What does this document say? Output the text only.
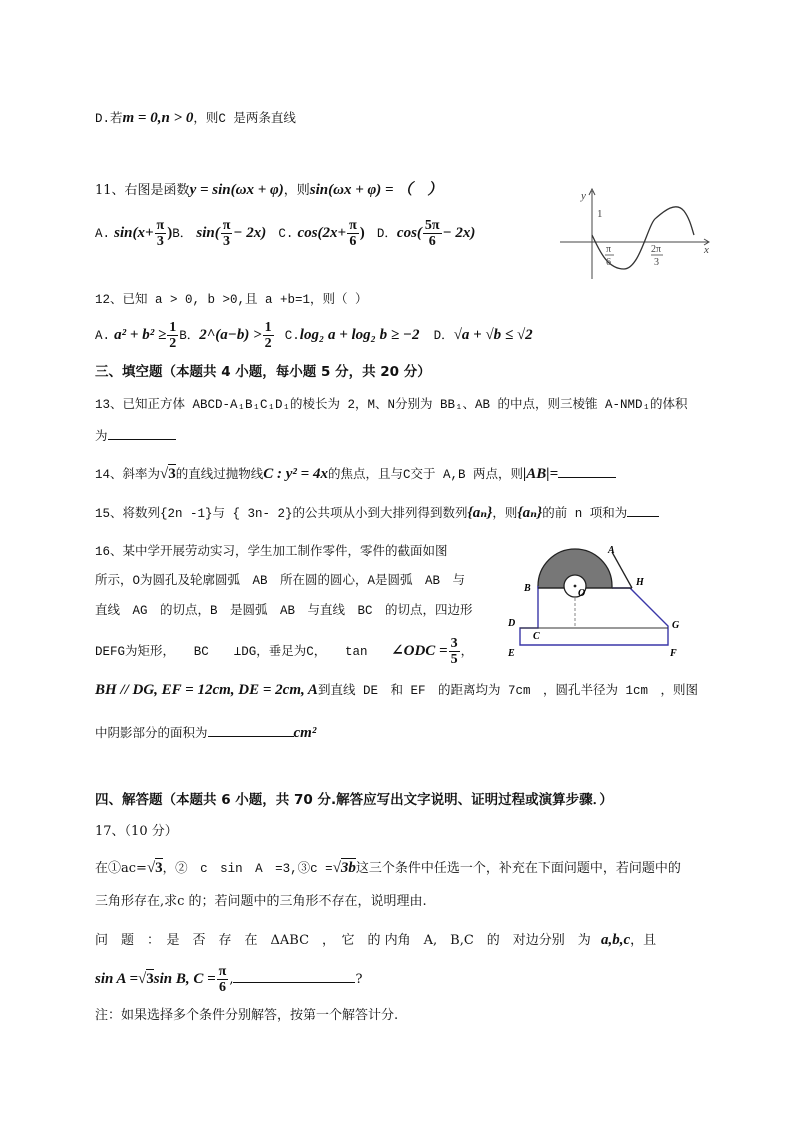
D.若m = 0,n > 0，则C 是两条直线
11、右图是函数y = sin(ωx + φ)，则sin(ωx + φ) = （　）
A. $\sin(x+ \frac{\pi}{3} )B$． $\sin( \frac{\pi}{3} - 2x)$ C. $\cos(2x+ \frac{\pi}{6}$ ) D．$\cos( \frac{5\pi}{6} - 2x)$
y
x
1
π
6
2π
3
12、已知 a > 0, b >0,且 a +b=1，则（ ）
A. $a^2 + b^2 \ge \frac{1}{2}$ B．2^(a−b) > $\frac{1}{2} C.\log_2$ a + log₂ b ≥ −2 D．√a + √b ≤ √2
三、填空题（本题共 4 小题，每小题 5 分，共 20 分）
13、已知正方体 ABCD-A₁B₁C₁D₁的棱长为 2，M、N分别为 BB₁、AB 的中点，则三棱锥 A-NMD₁的体积
为
14、斜率为√3的直线过抛物线C : y² = 4x的焦点，且与C交于 A,B 两点，则|AB|=
15、将数列{2n -1}与 { 3n- 2}的公共项从小到大排列得到数列{aₙ}，则{aₙ}的前 n 项和为
16、某中学开展劳动实习，学生加工制作零件，零件的截面如图
所示，O为圆孔及轮廓圆弧　AB　所在圆的圆心，A是圆弧　AB　与
直线　AG　的切点，B　是圆弧　AB　与直线　BC　的切点，四边形
DEFG为矩形，　　BC　　⊥DG，垂足为C，　　tan ∠ODC = $\frac{3}{5}$ ，
BH // DG, EF = 12cm, DE = 2cm, A到直线 DE　和 EF　的距离均为 7cm　，圆孔半径为 1cm　，则图
中阴影部分的面积为	cm²
A
B
H
O
D
C
G
E	F
四、解答题（本题共 6 小题，共 70 分.解答应写出文字说明、证明过程或演算步骤．）
17、（10 分）
在①ac=√3，②　c　sin　A　=3,③c =√3b这三个条件中任选一个，补充在下面问题中，若问题中的
三角形存在,求c 的；若问题中的三角形不存在，说明理由.
问　题　：　是　否　存　在　ΔABC　，　它　的 内角　A,　B,C　的　对边分别　为 a,b,c，且
sin A =√3sin B, $C = \frac{\pi}{6}$ ,	?
注：如果选择多个条件分别解答，按第一个解答计分.
